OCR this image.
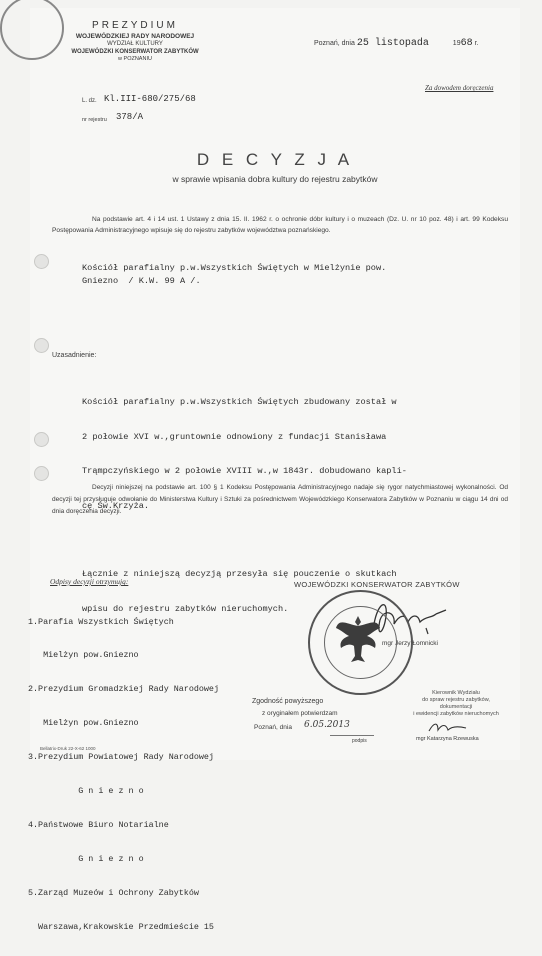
PREZYDIUM
WOJEWÓDZKIEJ RADY NARODOWEJ
WYDZIAŁ KULTURY
WOJEWÓDZKI KONSERWATOR ZABYTKÓW
w POZNANIU
L. dz. Kl.III-680/275/68
nr rejestru 378/A
Poznań, dnia 25 listopada	1968 r.
Za dowodem doręczenia
D E C Y Z J A
w sprawie wpisania dobra kultury do rejestru zabytków
Na podstawie art. 4 i 14 ust. 1 Ustawy z dnia 15. II. 1962 r. o ochronie dóbr kultury i o muzeach (Dz. U. nr 10 poz. 48) i art. 99 Kodeksu Postępowania Administracyjnego wpisuje się do rejestru zabytków województwa poznańskiego.
Kościół parafialny p.w.Wszystkich Świętych w Mielżynie pow.
Gniezno  / K.W. 99 A /.
Uzasadnienie:

Kościół parafialny p.w.Wszystkich Świętych zbudowany został w

2 połowie XVI w.,gruntownie odnowiony z fundacji Stanisława

Trąmpczyńskiego w 2 połowie XVIII w.,w 1843r. dobudowano kapli-

cę Św.Krzyża.

Decyzji niniejszej na podstawie art. 100 § 1 Kodeksu Postępowania Administracyjnego nadaje się rygor natychmiastowej wykonalności. Od decyzji tej przysługuje odwołanie do Ministerstwa Kultury i Sztuki za pośrednictwem Wojewódzkiego Konserwatora Zabytków w Poznaniu w ciągu 14 dni od dnia doręczenia decyzji.

Łącznie z niniejszą decyzją przesyła się pouczenie o skutkach

wpisu do rejestru zabytków nieruchomych.

Odpisy decyzji otrzymują:

1.Parafia Wszystkich Świętych

Mielżyn pow.Gniezno

2.Prezydium Gromadzkiej Rady Narodowej

Mielżyn pow.Gniezno

3.Prezydium Powiatowej Rady Narodowej

G n i e z n o

4.Państwowe Biuro Notarialne

G n i e z n o

5.Zarząd Muzeów i Ochrony Zabytków

Warszawa,Krakowskie Przedmieście 15

WOJEWÓDZKI KONSERWATOR ZABYTKÓW
mgr Jerzy Łomnicki
Zgodność powyższego
z oryginałem potwierdzam
Poznań, dnia 6.05.2013
podpis
Kierownik Wydziału
do spraw rejestru zabytków,
dokumentacji
i ewidencji zabytków nieruchomych
mgr Katarzyna Rzewuska
Bellatrix-Druk 22-X-62 1000
